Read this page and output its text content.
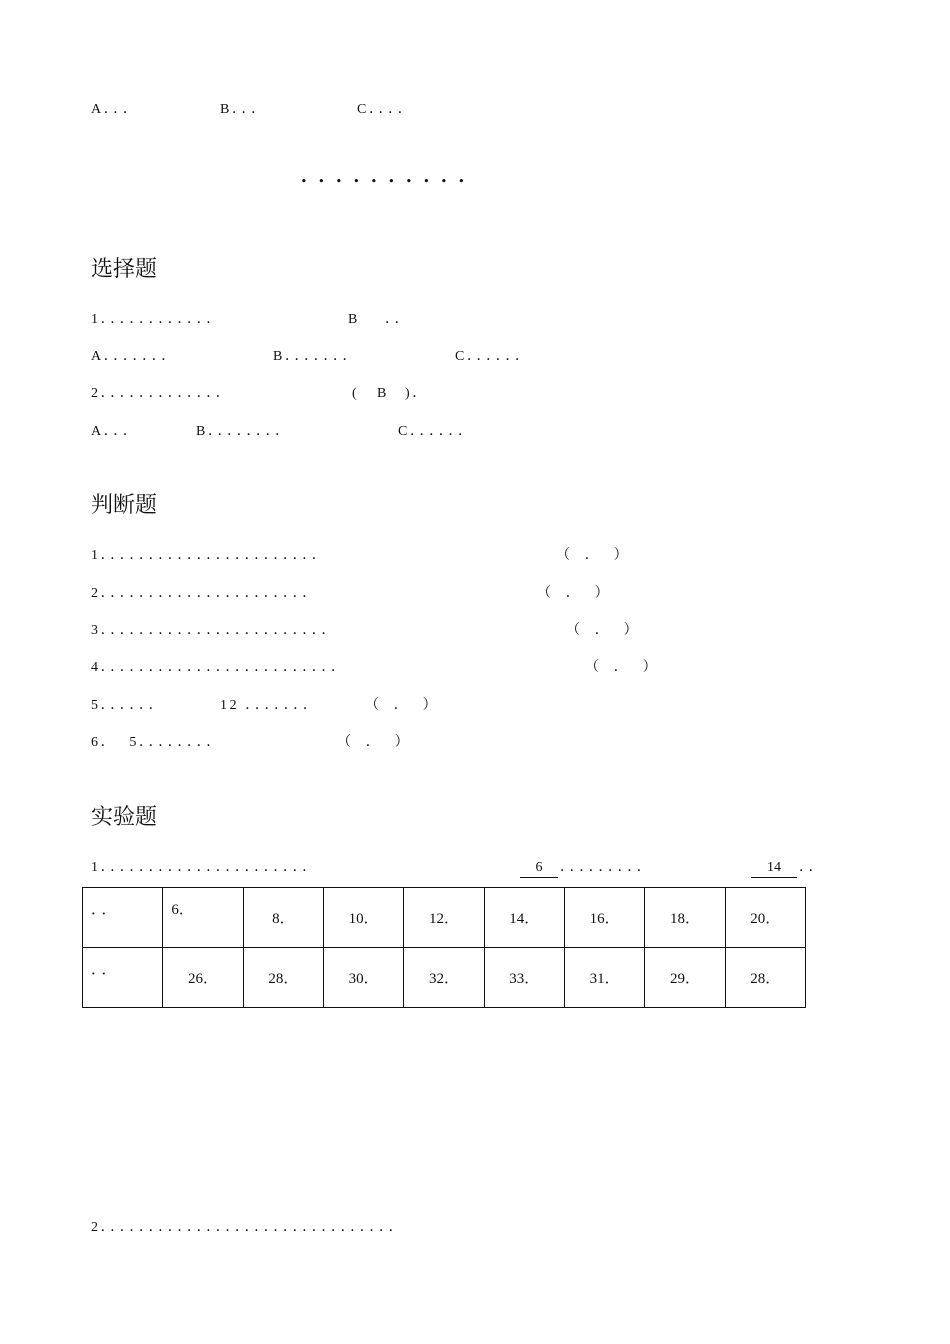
A．．．	B．．．	C．．．．
．．．．．．．．．．
选择题
1．．．．．．．．．．．．	B ．．
A．．．．．．．	B．．．．．．．	C．．．．．．
2．．．．．．．．．．．．．	( B )．
A．．．	B．．．．．．．．	C．．．．．．
判断题
1．．．．．．．．．．．．．．．．．．．．．．．	（  ．  ）
2．．．．．．．．．．．．．．．．．．．．．．	（  ．  ）
3．．．．．．．．．．．．．．．．．．．．．．．．	（  ．  ）
4．．．．．．．．．．．．．．．．．．．．．．．．．	（  ．  ）
5．．．．．．	12 ．．．．．．．	（  ．  ）
6．  5．．．．．．．．	（  ．  ）
实验题
1．．．．．．．．．．．．．．．．．．．．．．	6	．．．．．．．．．	14	．．
．．	6．	8．	10．	12．	14．	16．	18．	20．
．．	26．	28．	30．	32．	33．	31．	29．	28．
2．．．．．．．．．．．．．．．．．．．．．．．．．．．．．．．
